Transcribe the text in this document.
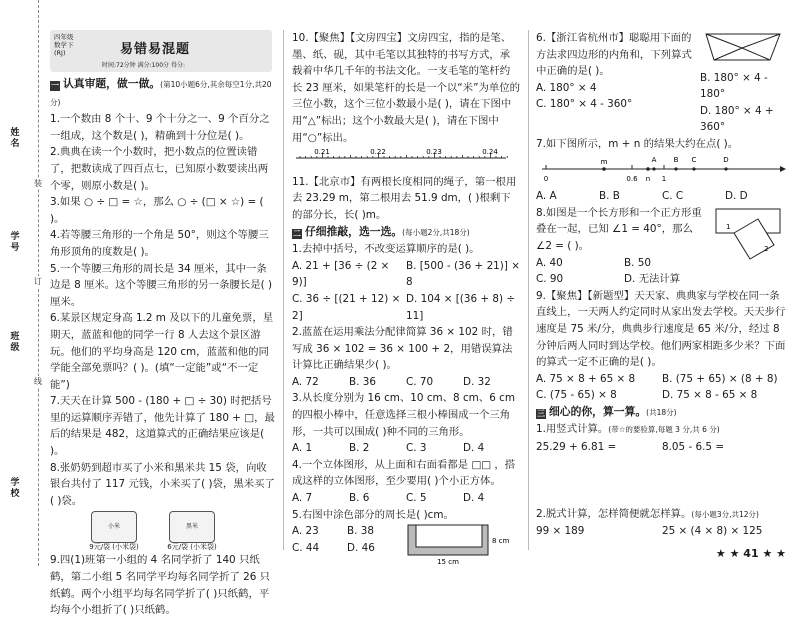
姓名
学号
班级
学校
装
订
线
四年级 数学下 (RJ)	易错易混题
时间:72分钟 满分:100分 得分:

一 认真审题，做一做。(第10小题6分,其余每空1分,共20分)

1.一个数由 8 个十、9 个十分之一、9 个百分之一组成，这个数是( )，精确到十分位是( )。

2.典典在读一个小数时，把小数点的位置读错了，把数读成了四百点七，已知原小数要读出两个零，则原小数是( )。

3.如果 ○ ÷ □ = ☆，那么 ○ ÷ (□ × ☆) = ( )。

4.若等腰三角形的一个角是 50°，则这个等腰三角形顶角的度数是( )。

5.一个等腰三角形的周长是 34 厘米，其中一条边是 8 厘米。这个等腰三角形的另一条腰长是( )厘米。

6.某景区规定身高 1.2 m 及以下的儿童免票，星期天，蓝蓝和他的同学一行 8 人去这个景区游玩。他们的平均身高是 120 cm，蓝蓝和他的同学能全部免票吗？( )。(填“一定能”或“不一定能”)

7.天天在计算 500 - (180 + □ ÷ 30) 时把括号里的运算顺序弄错了，他先计算了 180 + □，最后的结果是 482，这道算式的正确结果应该是( )。

8.张奶奶到超市买了小米和黑米共 15 袋，向收银台共付了 117 元钱，小米买了( )袋，黑米买了( )袋。

小米
9元/袋 (小米袋)
黑米
6元/袋 (小米袋)

9.四(1)班第一小组的 4 名同学折了 140 只纸鹤，第二小组 5 名同学平均每名同学折了 26 只纸鹤。两个小组平均每名同学折了( )只纸鹤，平均每个小组折了( )只纸鹤。

10.【聚焦】【文房四宝】文房四宝，指的是笔、墨、纸、砚，其中毛笔以其独特的书写方式，承载着中华几千年的书法文化。一支毛笔的笔杆约长 23 厘米，如果笔杆的长是一个以“米”为单位的三位小数，这个三位小数最小是( )，请在下图中用“△”标出；这个小数最大是( )，请在下图中用“○”标出。

0.21	0.22	0.23	0.24

11.【北京市】有两根长度相同的绳子，第一根用去 23.29 m，第二根用去 51.9 dm，( )根剩下的部分长，长( )m。

二 仔细推敲，选一选。(每小题2分,共18分)

1.去掉中括号，不改变运算顺序的是( )。

A. 21 + [36 ÷ (2 × 9)]
B. [500 - (36 + 21)] × 8
C. 36 ÷ [(21 + 12) × 2]
D. 104 × [(36 + 8) ÷ 11]

2.蓝蓝在运用乘法分配律简算 36 × 102 时，错写成 36 × 102 = 36 × 100 + 2，用错误算法计算比正确结果少( )。

A. 72	B. 36	C. 70	D. 32

3.从长度分别为 16 cm、10 cm、8 cm、6 cm 的四根小棒中，任意选择三根小棒围成一个三角形，一共可以围成( )种不同的三角形。

A. 1	B. 2	C. 3	D. 4

4.一个立体图形，从上面和右面看都是 □□ ，搭成这样的立体图形，至少要用( )个小正方体。

A. 7	B. 6	C. 5	D. 4

5.右图中涂色部分的周长是( )cm。

A. 23	B. 38
C. 44	D. 46
15 cm
8 cm

6.【浙江省杭州市】聪聪用下面的方法求四边形的内角和，下列算式中正确的是( )。

A. 180° × 4

C. 180° × 4 - 360°

B. 180° × 4 - 180°

D. 180° × 4 + 360°

7.如下图所示，m + n 的结果大约在点( )。

0	0.6	1
m
n
A B C	D
A. A	B. B	C. C	D. D

8.如图是一个长方形和一个正方形重叠在一起，已知 ∠1 = 40°，那么 ∠2 = ( )。

A. 40	B. 50
C. 90	D. 无法计算
1
2

9.【聚焦】【新题型】天天家、典典家与学校在同一条直线上，一天两人约定同时从家出发去学校。天天步行速度是 75 米/分，典典步行速度是 65 米/分，经过 8 分钟后两人同时到达学校。他们两家相距多少米？下面的算式一定不正确的是( )。

A. 75 × 8 + 65 × 8	B. (75 + 65) × (8 + 8)
C. (75 - 65) × 8	D. 75 × 8 - 65 × 8

三 细心的你，算一算。(共18分)

1.用竖式计算。(带☆的要验算,每题 3 分,共 6 分)

25.29 + 6.81 =	8.05 - 6.5 =

2.脱式计算，怎样简便就怎样算。(每小题3分,共12分)

99 × 189	25 × (4 × 8) × 125
★ ★ 41 ★ ★
